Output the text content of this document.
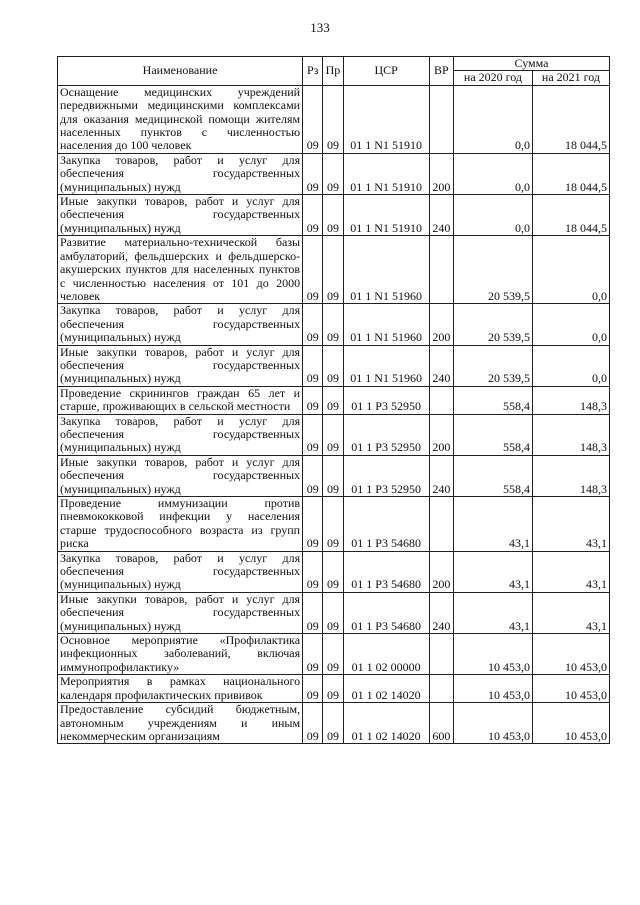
133
Наименование	Рз	Пр	ЦСР	ВР	Сумма	
					на 2020 год	на 2021 год
Оснащение медицинских учреждений передвижными медицинскими комплексами для оказания медицинской помощи жителям населенных пунктов с численностью населения до 100 человек	09	09	01 1 N1 51910		0,0	18 044,5
Закупка товаров, работ и услуг для обеспечения государственных (муниципальных) нужд	09	09	01 1 N1 51910	200	0,0	18 044,5
Иные закупки товаров, работ и услуг для обеспечения государственных (муниципальных) нужд	09	09	01 1 N1 51910	240	0,0	18 044,5
Развитие материально-технической базы амбулаторий, фельдшерских и фельдшерско-акушерских пунктов для населенных пунктов с численностью населения от 101 до 2000 человек	09	09	01 1 N1 51960		20 539,5	0,0
Закупка товаров, работ и услуг для обеспечения государственных (муниципальных) нужд	09	09	01 1 N1 51960	200	20 539,5	0,0
Иные закупки товаров, работ и услуг для обеспечения государственных (муниципальных) нужд	09	09	01 1 N1 51960	240	20 539,5	0,0
Проведение скринингов граждан 65 лет и старше, проживающих в сельской местности	09	09	01 1 P3 52950		558,4	148,3
Закупка товаров, работ и услуг для обеспечения государственных (муниципальных) нужд	09	09	01 1 P3 52950	200	558,4	148,3
Иные закупки товаров, работ и услуг для обеспечения государственных (муниципальных) нужд	09	09	01 1 P3 52950	240	558,4	148,3
Проведение иммунизации против пневмококковой инфекции у населения старше трудоспособного возраста из групп риска	09	09	01 1 P3 54680		43,1	43,1
Закупка товаров, работ и услуг для обеспечения государственных (муниципальных) нужд	09	09	01 1 P3 54680	200	43,1	43,1
Иные закупки товаров, работ и услуг для обеспечения государственных (муниципальных) нужд	09	09	01 1 P3 54680	240	43,1	43,1
Основное мероприятие «Профилактика инфекционных заболеваний, включая иммунопрофилактику»	09	09	01 1 02 00000		10 453,0	10 453,0
Мероприятия в рамках национального календаря профилактических прививок	09	09	01 1 02 14020		10 453,0	10 453,0
Предоставление субсидий бюджетным, автономным учреждениям и иным некоммерческим организациям	09	09	01 1 02 14020	600	10 453,0	10 453,0
